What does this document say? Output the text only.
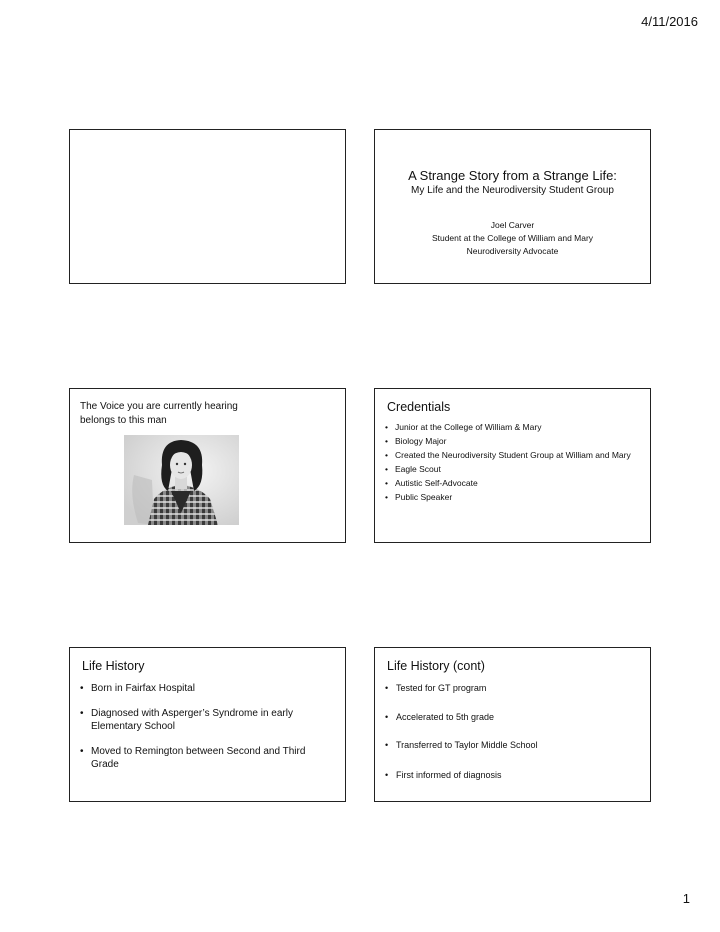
4/11/2016
A Strange Story from a Strange Life:
My Life and the Neurodiversity Student Group
Joel Carver
Student at the College of William and Mary
Neurodiversity Advocate
The Voice you are currently hearing belongs to this man
Credentials
• Junior at the College of William & Mary
• Biology Major
• Created the Neurodiversity Student Group at William and Mary
• Eagle Scout
• Autistic Self-Advocate
• Public Speaker
Life History
• Born in Fairfax Hospital
• Diagnosed with Asperger’s Syndrome in early Elementary School
• Moved to Remington between Second and Third Grade
Life History (cont)
• Tested for GT program
• Accelerated to 5th grade
• Transferred to Taylor Middle School
• First informed of diagnosis
1
